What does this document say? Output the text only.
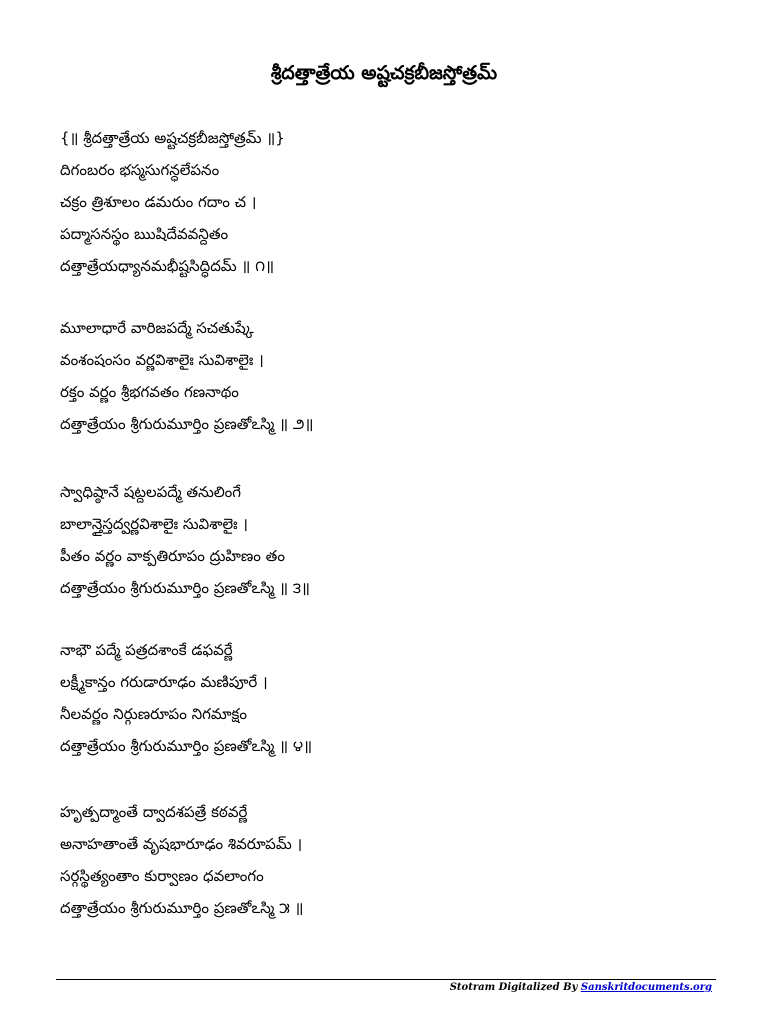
శ్రీదత్తాత్రేయ అష్టచక్రబీజస్తోత్రమ్
{॥ శ్రీదత్తాత్రేయ అష్టచక్రబీజస్తోత్రమ్ ॥}
దిగంబరం భస్మసుగన్ధలేపనం
చక్రం త్రిశూలం డమరుం గదాం చ ।
పద్మాసనస్థం ఋషిదేవవన్దితం
దత్తాత్రేయధ్యానమభీష్టసిద్ధిదమ్ ॥ ౧॥
మూలాధారే వారిజపద్మే సచతుష్కే
వంశంషంసం వర్ణవిశాలైః సువిశాలైః ।
రక్తం వర్ణం శ్రీభగవతం గణనాథం
దత్తాత్రేయం శ్రీగురుమూర్తిం ప్రణతోఽస్మి ॥ ౨॥
స్వాధిష్ఠానే షట్దలపద్మే తనులింగే
బాలాన్తైస్తద్వర్ణవిశాలైః సువిశాలైః ।
పీతం వర్ణం వాక్పతిరూపం ద్రుహిణం తం
దత్తాత్రేయం శ్రీగురుమూర్తిం ప్రణతోఽస్మి ॥ ౩॥
నాభౌ పద్మే పత్రదశాంకే డఫవర్ణే
లక్ష్మీకాన్తం గరుడారూఢం మణిపూరే ।
నీలవర్ణం నిర్గుణరూపం నిగమాక్షం
దత్తాత్రేయం శ్రీగురుమూర్తిం ప్రణతోఽస్మి ॥ ౪॥
హృత్పద్మాంతే ద్వాదశపత్రే కఠవర్ణే
అనాహతాంతే వృషభారూఢం శివరూపమ్ ।
సర్గస్థిత్యంతాం కుర్వాణం ధవలాంగం
దత్తాత్రేయం శ్రీగురుమూర్తిం ప్రణతోఽస్మి ౫ ॥
Stotram Digitalized By Sanskritdocuments.org
